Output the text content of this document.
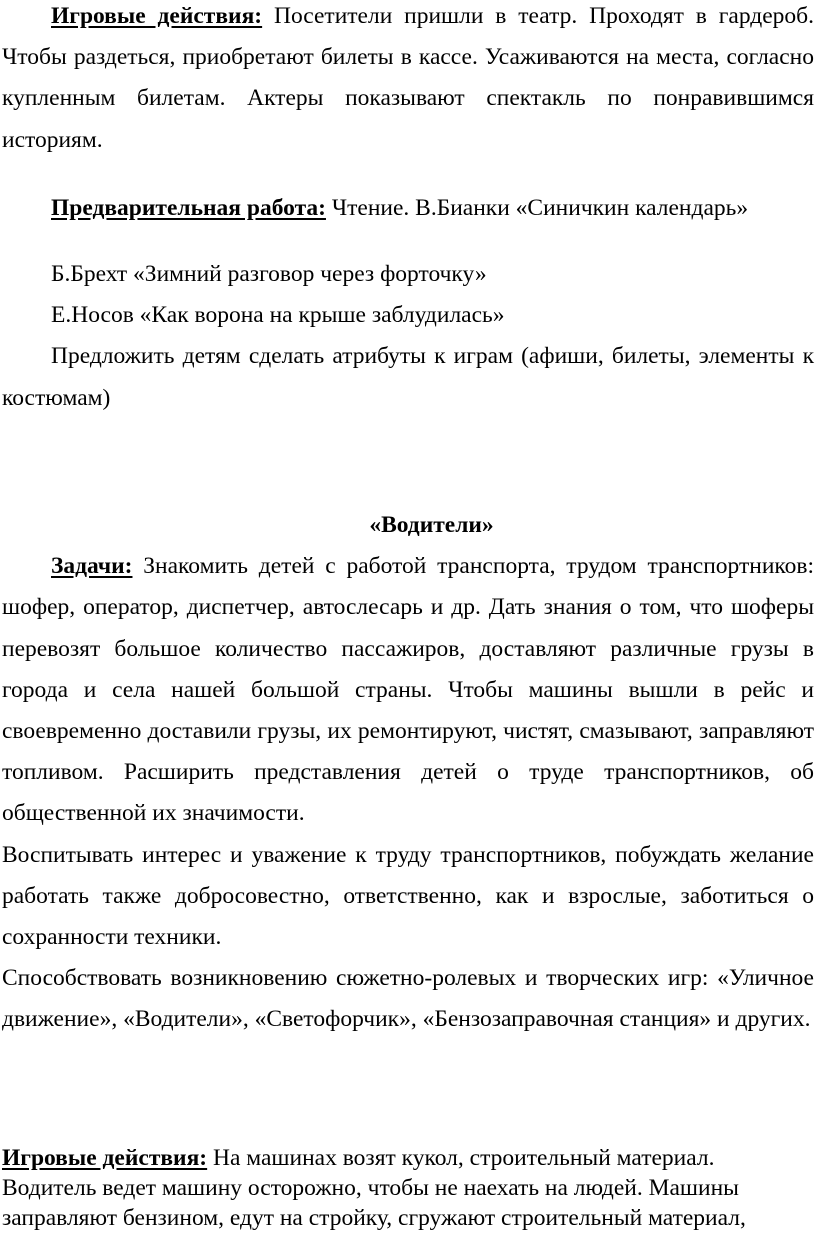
Игровые действия: Посетители пришли в театр. Проходят в гардероб. Чтобы раздеться, приобретают билеты в кассе. Усаживаются на места, согласно купленным билетам. Актеры показывают спектакль по понравившимся историям.

Предварительная работа: Чтение. В.Бианки «Синичкин календарь»

Б.Брехт «Зимний разговор через форточку»

Е.Носов «Как ворона на крыше заблудилась»

Предложить детям сделать атрибуты к играм (афиши, билеты, элементы к костюмам)

«Водители»

Задачи: Знакомить детей с работой транспорта, трудом транспортников: шофер, оператор, диспетчер, автослесарь и др. Дать знания о том, что шоферы перевозят большое количество пассажиров, доставляют различные грузы в города и села нашей большой страны. Чтобы машины вышли в рейс и своевременно доставили грузы, их ремонтируют, чистят, смазывают, заправляют топливом. Расширить представления детей о труде транспортников, об общественной их значимости.

Воспитывать интерес и уважение к труду транспортников, побуждать желание работать также добросовестно, ответственно, как и взрослые, заботиться о сохранности техники.

Способствовать возникновению сюжетно-ролевых и творческих игр: «Уличное движение», «Водители», «Светофорчик», «Бензозаправочная станция» и других.

Игровые действия: На машинах возят кукол, строительный материал. Водитель ведет машину осторожно, чтобы не наехать на людей. Машины заправляют бензином, едут на стройку, сгружают строительный материал,
